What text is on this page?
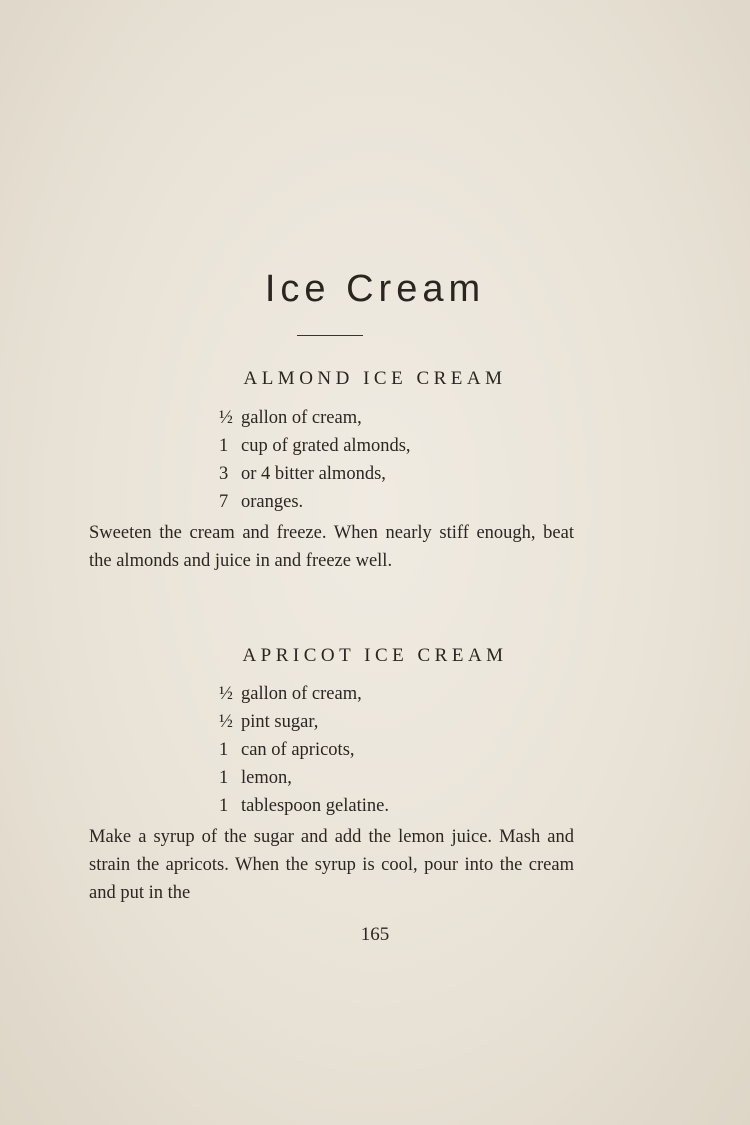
Ice Cream
ALMOND ICE CREAM
½ gallon of cream,
1 cup of grated almonds,
3 or 4 bitter almonds,
7 oranges.

Sweeten the cream and freeze. When nearly stiff enough, beat the almonds and juice in and freeze well.

APRICOT ICE CREAM
½ gallon of cream,
½ pint sugar,
1 can of apricots,
1 lemon,
1 tablespoon gelatine.

Make a syrup of the sugar and add the lemon juice. Mash and strain the apricots. When the syrup is cool, pour into the cream and put in the

165
